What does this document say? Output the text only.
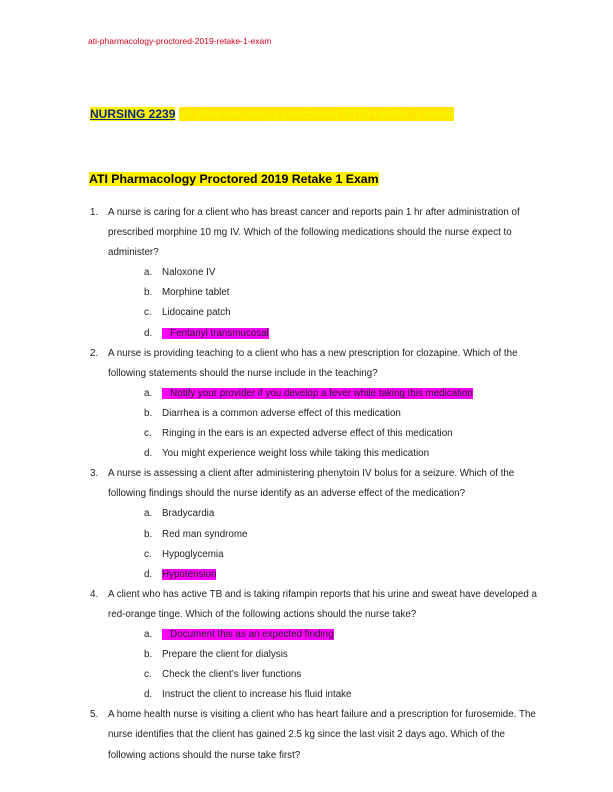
ati-pharmacology-proctored-2019-retake-1-exam
NURSING 2239 ati-pharmacology-proctored-2019-retake-1-exam
ATI Pharmacology Proctored 2019 Retake 1 Exam
1. A nurse is caring for a client who has breast cancer and reports pain 1 hr after administration of prescribed morphine 10 mg IV. Which of the following medications should the nurse expect to administer?
a. Naloxone IV
b. Morphine tablet
c. Lidocaine patch
d. Fentanyl transmucosal
2. A nurse is providing teaching to a client who has a new prescription for clozapine. Which of the following statements should the nurse include in the teaching?
a. Notify your provider if you develop a fever while taking this medication
b. Diarrhea is a common adverse effect of this medication
c. Ringing in the ears is an expected adverse effect of this medication
d. You might experience weight loss while taking this medication
3. A nurse is assessing a client after administering phenytoin IV bolus for a seizure. Which of the following findings should the nurse identify as an adverse effect of the medication?
a. Bradycardia
b. Red man syndrome
c. Hypoglycemia
d. Hypotension
4. A client who has active TB and is taking rifampin reports that his urine and sweat have developed a red-orange tinge. Which of the following actions should the nurse take?
a. Document this as an expected finding
b. Prepare the client for dialysis
c. Check the client’s liver functions
d. Instruct the client to increase his fluid intake
5. A home health nurse is visiting a client who has heart failure and a prescription for furosemide. The nurse identifies that the client has gained 2.5 kg since the last visit 2 days ago. Which of the following actions should the nurse take first?
